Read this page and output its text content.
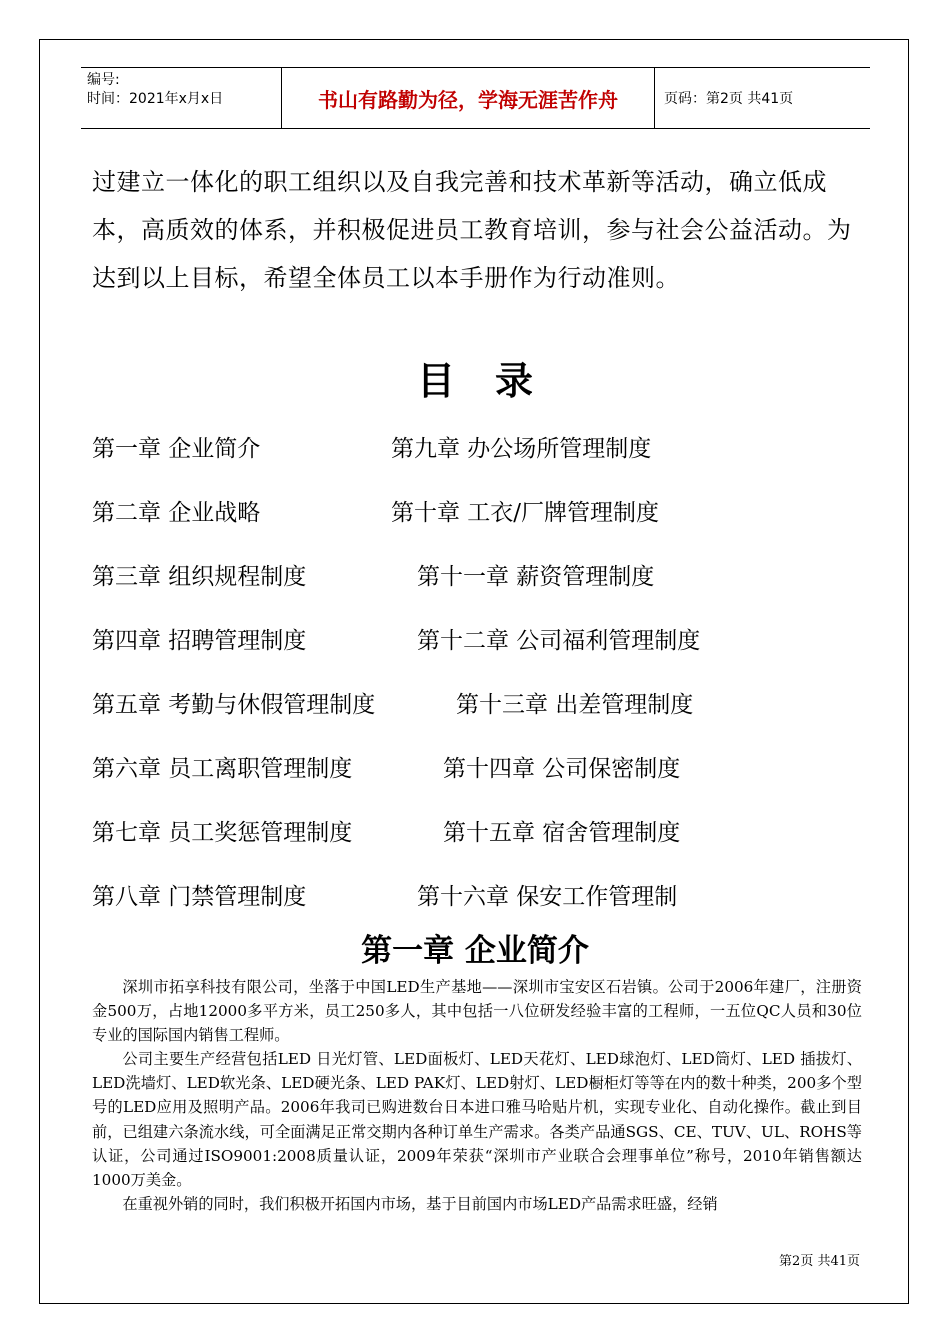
编号:
时间：2021年x月x日	书山有路勤为径，学海无涯苦作舟	页码：第2页 共41页

过建立一体化的职工组织以及自我完善和技术革新等活动，确立低成本，高质效的体系，并积极促进员工教育培训，参与社会公益活动。为达到以上目标，希望全体员工以本手册作为行动准则。

目录
第一章 企业简介	第九章 办公场所管理制度
第二章 企业战略	第十章 工衣/厂牌管理制度
第三章 组织规程制度	第十一章 薪资管理制度
第四章 招聘管理制度	第十二章 公司福利管理制度
第五章 考勤与休假管理制度	第十三章 出差管理制度
第六章 员工离职管理制度	第十四章 公司保密制度
第七章 员工奖惩管理制度	第十五章 宿舍管理制度
第八章 门禁管理制度	第十六章 保安工作管理制
第一章 企业简介

深圳市拓享科技有限公司，坐落于中国LED生产基地——深圳市宝安区石岩镇。公司于2006年建厂，注册资金500万，占地12000多平方米，员工250多人，其中包括一八位研发经验丰富的工程师，一五位QC人员和30位专业的国际国内销售工程师。

公司主要生产经营包括LED 日光灯管、LED面板灯、LED天花灯、LED球泡灯、LED筒灯、LED 插拔灯、LED洗墙灯、LED软光条、LED硬光条、LED PAK灯、LED射灯、LED橱柜灯等等在内的数十种类，200多个型号的LED应用及照明产品。2006年我司已购进数台日本进口雅马哈贴片机，实现专业化、自动化操作。截止到目前，已组建六条流水线，可全面满足正常交期内各种订单生产需求。各类产品通SGS、CE、TUV、UL、ROHS等认证，公司通过ISO9001:2008质量认证，2009年荣获“深圳市产业联合会理事单位”称号，2010年销售额达1000万美金。

在重视外销的同时，我们积极开拓国内市场，基于目前国内市场LED产品需求旺盛，经销

第2页 共41页
